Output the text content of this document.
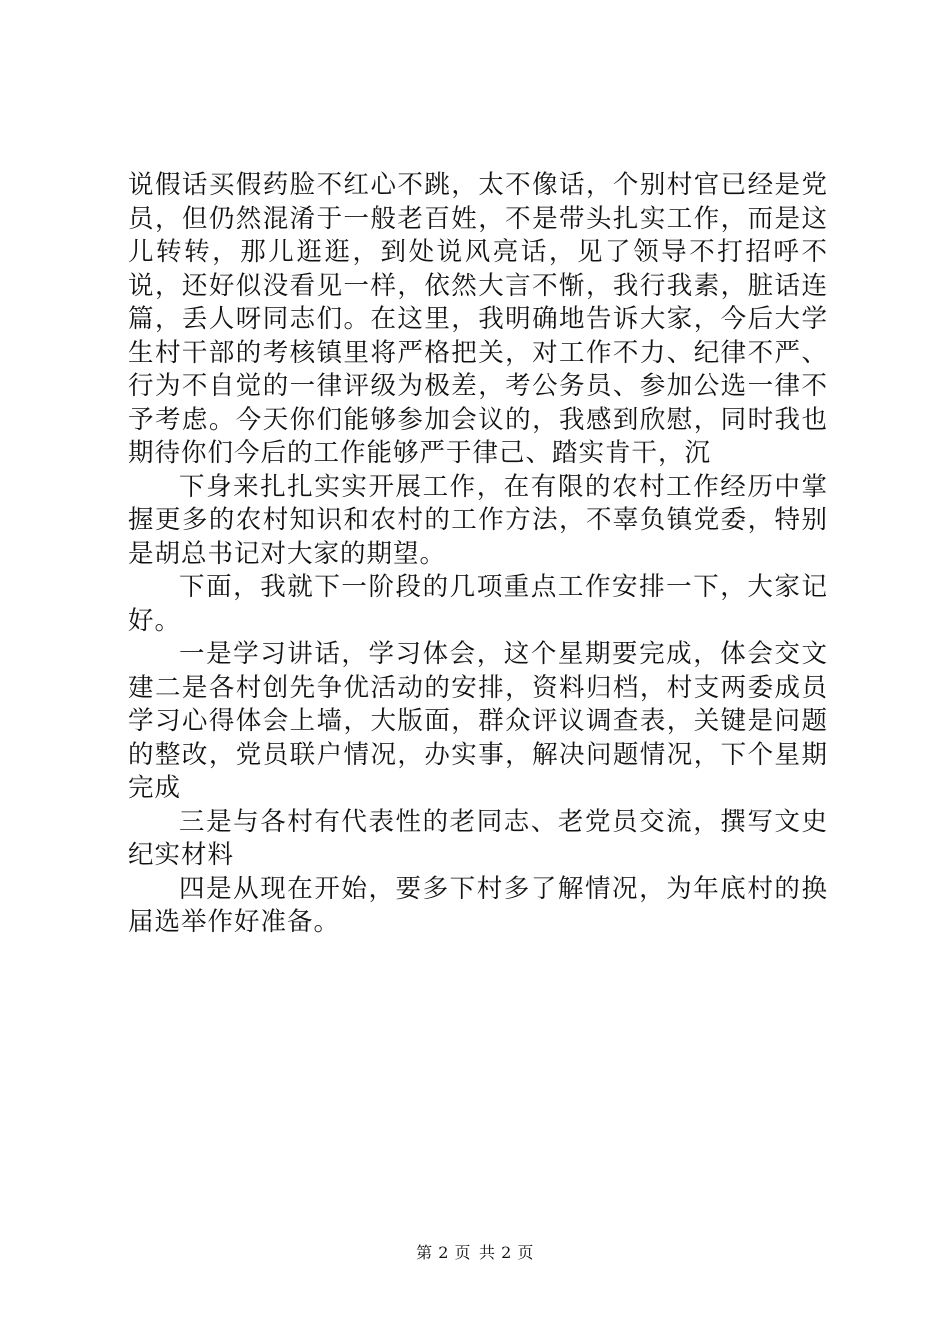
说假话买假药脸不红心不跳，太不像话，个别村官已经是党员，但仍然混淆于一般老百姓，不是带头扎实工作，而是这儿转转，那儿逛逛，到处说风亮话，见了领导不打招呼不说，还好似没看见一样，依然大言不惭，我行我素，脏话连篇，丢人呀同志们。在这里，我明确地告诉大家，今后大学生村干部的考核镇里将严格把关，对工作不力、纪律不严、行为不自觉的一律评级为极差，考公务员、参加公选一律不予考虑。今天你们能够参加会议的，我感到欣慰，同时我也期待你们今后的工作能够严于律己、踏实肯干，沉

下身来扎扎实实开展工作，在有限的农村工作经历中掌握更多的农村知识和农村的工作方法，不辜负镇党委，特别是胡总书记对大家的期望。

下面，我就下一阶段的几项重点工作安排一下，大家记好。

一是学习讲话，学习体会，这个星期要完成，体会交文建二是各村创先争优活动的安排，资料归档，村支两委成员学习心得体会上墙，大版面，群众评议调查表，关键是问题的整改，党员联户情况，办实事，解决问题情况，下个星期完成

三是与各村有代表性的老同志、老党员交流，撰写文史纪实材料

四是从现在开始，要多下村多了解情况，为年底村的换届选举作好准备。

第 2 页 共 2 页
